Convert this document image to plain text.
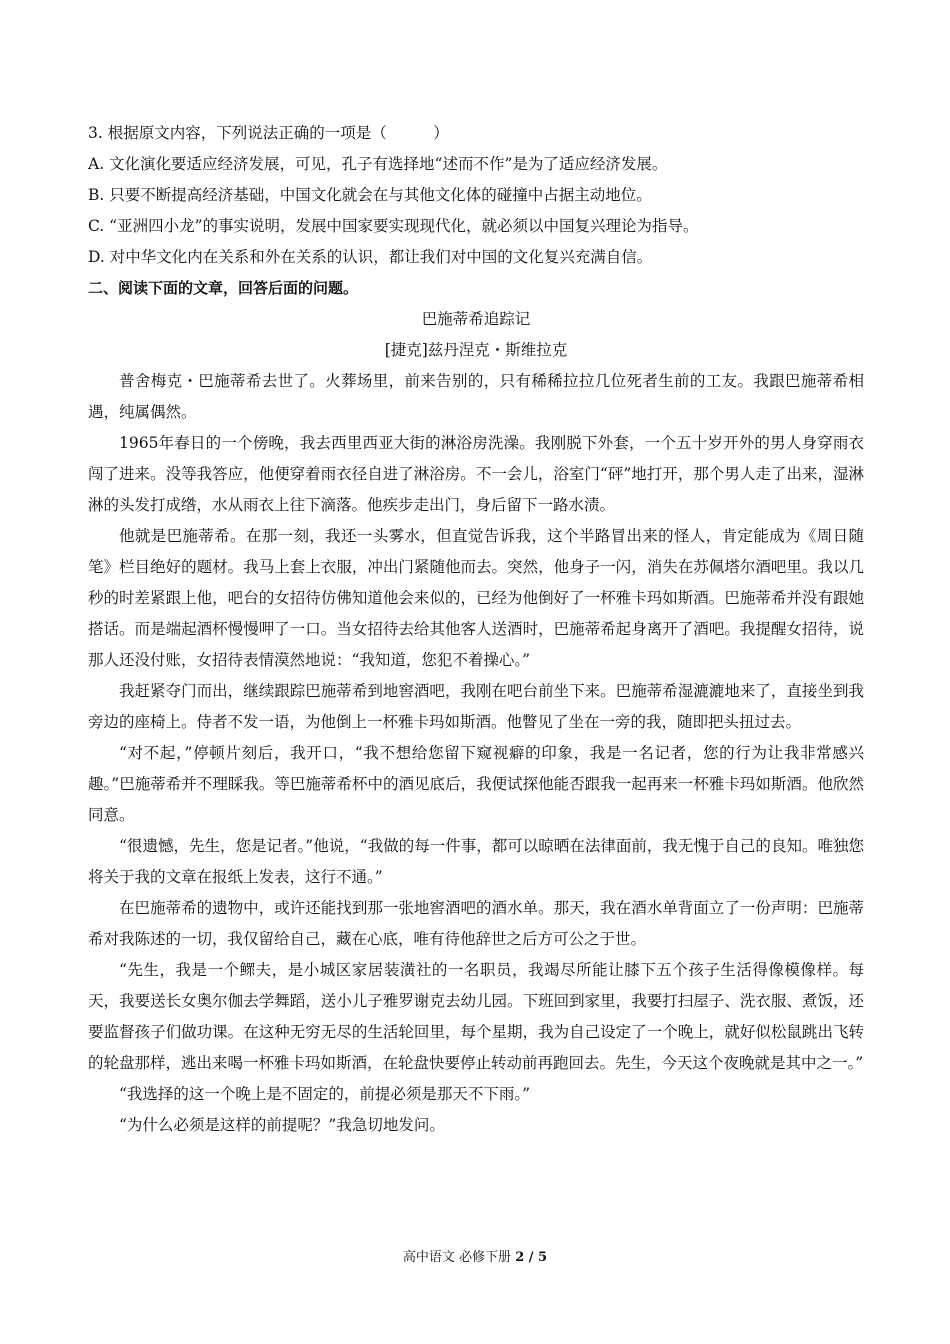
3. 根据原文内容，下列说法正确的一项是（　　　）

A. 文化演化要适应经济发展，可见，孔子有选择地“述而不作”是为了适应经济发展。

B. 只要不断提高经济基础，中国文化就会在与其他文化体的碰撞中占据主动地位。

C. “亚洲四小龙”的事实说明，发展中国家要实现现代化，就必须以中国复兴理论为指导。

D. 对中华文化内在关系和外在关系的认识，都让我们对中国的文化复兴充满自信。

二、阅读下面的文章，回答后面的问题。

巴施蒂希追踪记

[捷克]兹丹涅克・斯维拉克

普舍梅克・巴施蒂希去世了。火葬场里，前来告别的，只有稀稀拉拉几位死者生前的工友。我跟巴施蒂希相遇，纯属偶然。

1965年春日的一个傍晚，我去西里西亚大街的淋浴房洗澡。我刚脱下外套，一个五十岁开外的男人身穿雨衣闯了进来。没等我答应，他便穿着雨衣径自进了淋浴房。不一会儿，浴室门“砰”地打开，那个男人走了出来，湿淋淋的头发打成绺，水从雨衣上往下滴落。他疾步走出门，身后留下一路水渍。

他就是巴施蒂希。在那一刻，我还一头雾水，但直觉告诉我，这个半路冒出来的怪人，肯定能成为《周日随笔》栏目绝好的题材。我马上套上衣服，冲出门紧随他而去。突然，他身子一闪，消失在苏佩塔尔酒吧里。我以几秒的时差紧跟上他，吧台的女招待仿佛知道他会来似的，已经为他倒好了一杯雅卡玛如斯酒。巴施蒂希并没有跟她搭话。而是端起酒杯慢慢呷了一口。当女招待去给其他客人送酒时，巴施蒂希起身离开了酒吧。我提醒女招待，说那人还没付账，女招待表情漠然地说：“我知道，您犯不着操心。”

我赶紧夺门而出，继续跟踪巴施蒂希到地窖酒吧，我刚在吧台前坐下来。巴施蒂希湿漉漉地来了，直接坐到我旁边的座椅上。侍者不发一语，为他倒上一杯雅卡玛如斯酒。他瞥见了坐在一旁的我，随即把头扭过去。

“对不起，”停顿片刻后，我开口，“我不想给您留下窥视癖的印象，我是一名记者，您的行为让我非常感兴趣。”巴施蒂希并不理睬我。等巴施蒂希杯中的酒见底后，我便试探他能否跟我一起再来一杯雅卡玛如斯酒。他欣然同意。

“很遗憾，先生，您是记者。”他说，“我做的每一件事，都可以晾晒在法律面前，我无愧于自己的良知。唯独您将关于我的文章在报纸上发表，这行不通。”

在巴施蒂希的遗物中，或许还能找到那一张地窖酒吧的酒水单。那天，我在酒水单背面立了一份声明：巴施蒂希对我陈述的一切，我仅留给自己，藏在心底，唯有待他辞世之后方可公之于世。

“先生，我是一个鳏夫，是小城区家居装潢社的一名职员，我竭尽所能让膝下五个孩子生活得像模像样。每天，我要送长女奥尔伽去学舞蹈，送小儿子雅罗谢克去幼儿园。下班回到家里，我要打扫屋子、洗衣服、煮饭，还要监督孩子们做功课。在这种无穷无尽的生活轮回里，每个星期，我为自己设定了一个晚上，就好似松鼠跳出飞转的轮盘那样，逃出来喝一杯雅卡玛如斯酒，在轮盘快要停止转动前再跑回去。先生，今天这个夜晚就是其中之一。”

“我选择的这一个晚上是不固定的，前提必须是那天不下雨。”

“为什么必须是这样的前提呢？”我急切地发问。

高中语文 必修下册 2 / 5
